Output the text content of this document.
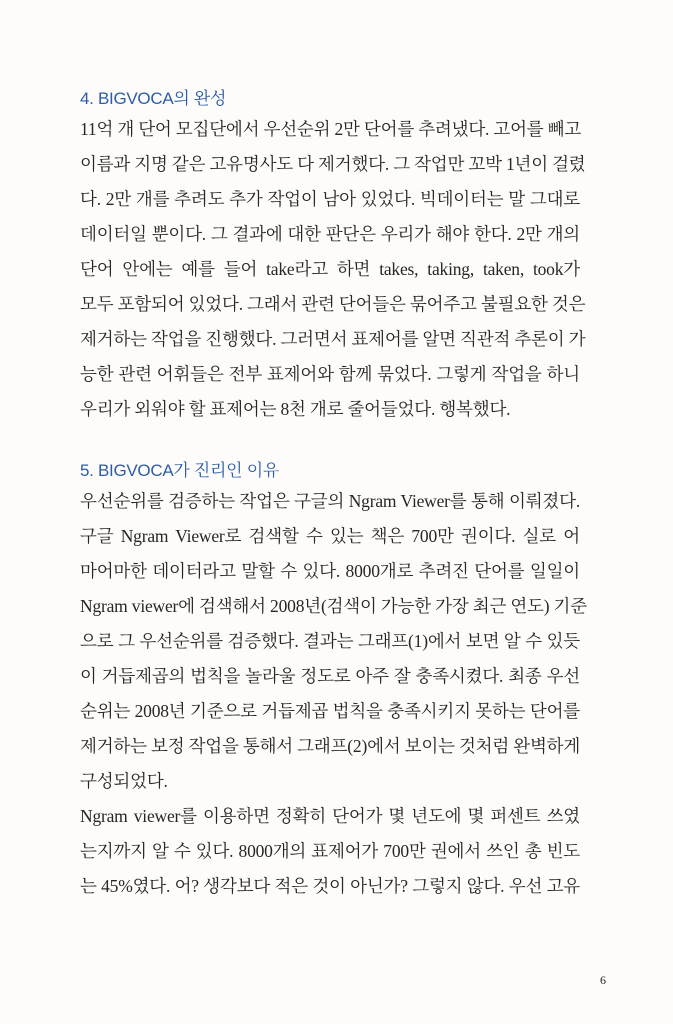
4. BIGVOCA의 완성
11억 개 단어 모집단에서 우선순위 2만 단어를 추려냈다. 고어를 빼고
이름과 지명 같은 고유명사도 다 제거했다. 그 작업만 꼬박 1년이 걸렸
다. 2만 개를 추려도 추가 작업이 남아 있었다. 빅데이터는 말 그대로
데이터일 뿐이다. 그 결과에 대한 판단은 우리가 해야 한다. 2만 개의
단어 안에는 예를 들어 take라고 하면 takes, taking, taken, took가
모두 포함되어 있었다. 그래서 관련 단어들은 묶어주고 불필요한 것은
제거하는 작업을 진행했다. 그러면서 표제어를 알면 직관적 추론이 가
능한 관련 어휘들은 전부 표제어와 함께 묶었다. 그렇게 작업을 하니
우리가 외워야 할 표제어는 8천 개로 줄어들었다. 행복했다.
5. BIGVOCA가 진리인 이유
우선순위를 검증하는 작업은 구글의 Ngram Viewer를 통해 이뤄졌다.
구글 Ngram Viewer로 검색할 수 있는 책은 700만 권이다. 실로 어
마어마한 데이터라고 말할 수 있다. 8000개로 추려진 단어를 일일이
Ngram viewer에 검색해서 2008년(검색이 가능한 가장 최근 연도) 기준
으로 그 우선순위를 검증했다. 결과는 그래프(1)에서 보면 알 수 있듯
이 거듭제곱의 법칙을 놀라울 정도로 아주 잘 충족시켰다. 최종 우선
순위는 2008년 기준으로 거듭제곱 법칙을 충족시키지 못하는 단어를
제거하는 보정 작업을 통해서 그래프(2)에서 보이는 것처럼 완벽하게
구성되었다.
Ngram viewer를 이용하면 정확히 단어가 몇 년도에 몇 퍼센트 쓰였
는지까지 알 수 있다. 8000개의 표제어가 700만 권에서 쓰인 총 빈도
는 45%였다. 어? 생각보다 적은 것이 아닌가? 그렇지 않다. 우선 고유
6
